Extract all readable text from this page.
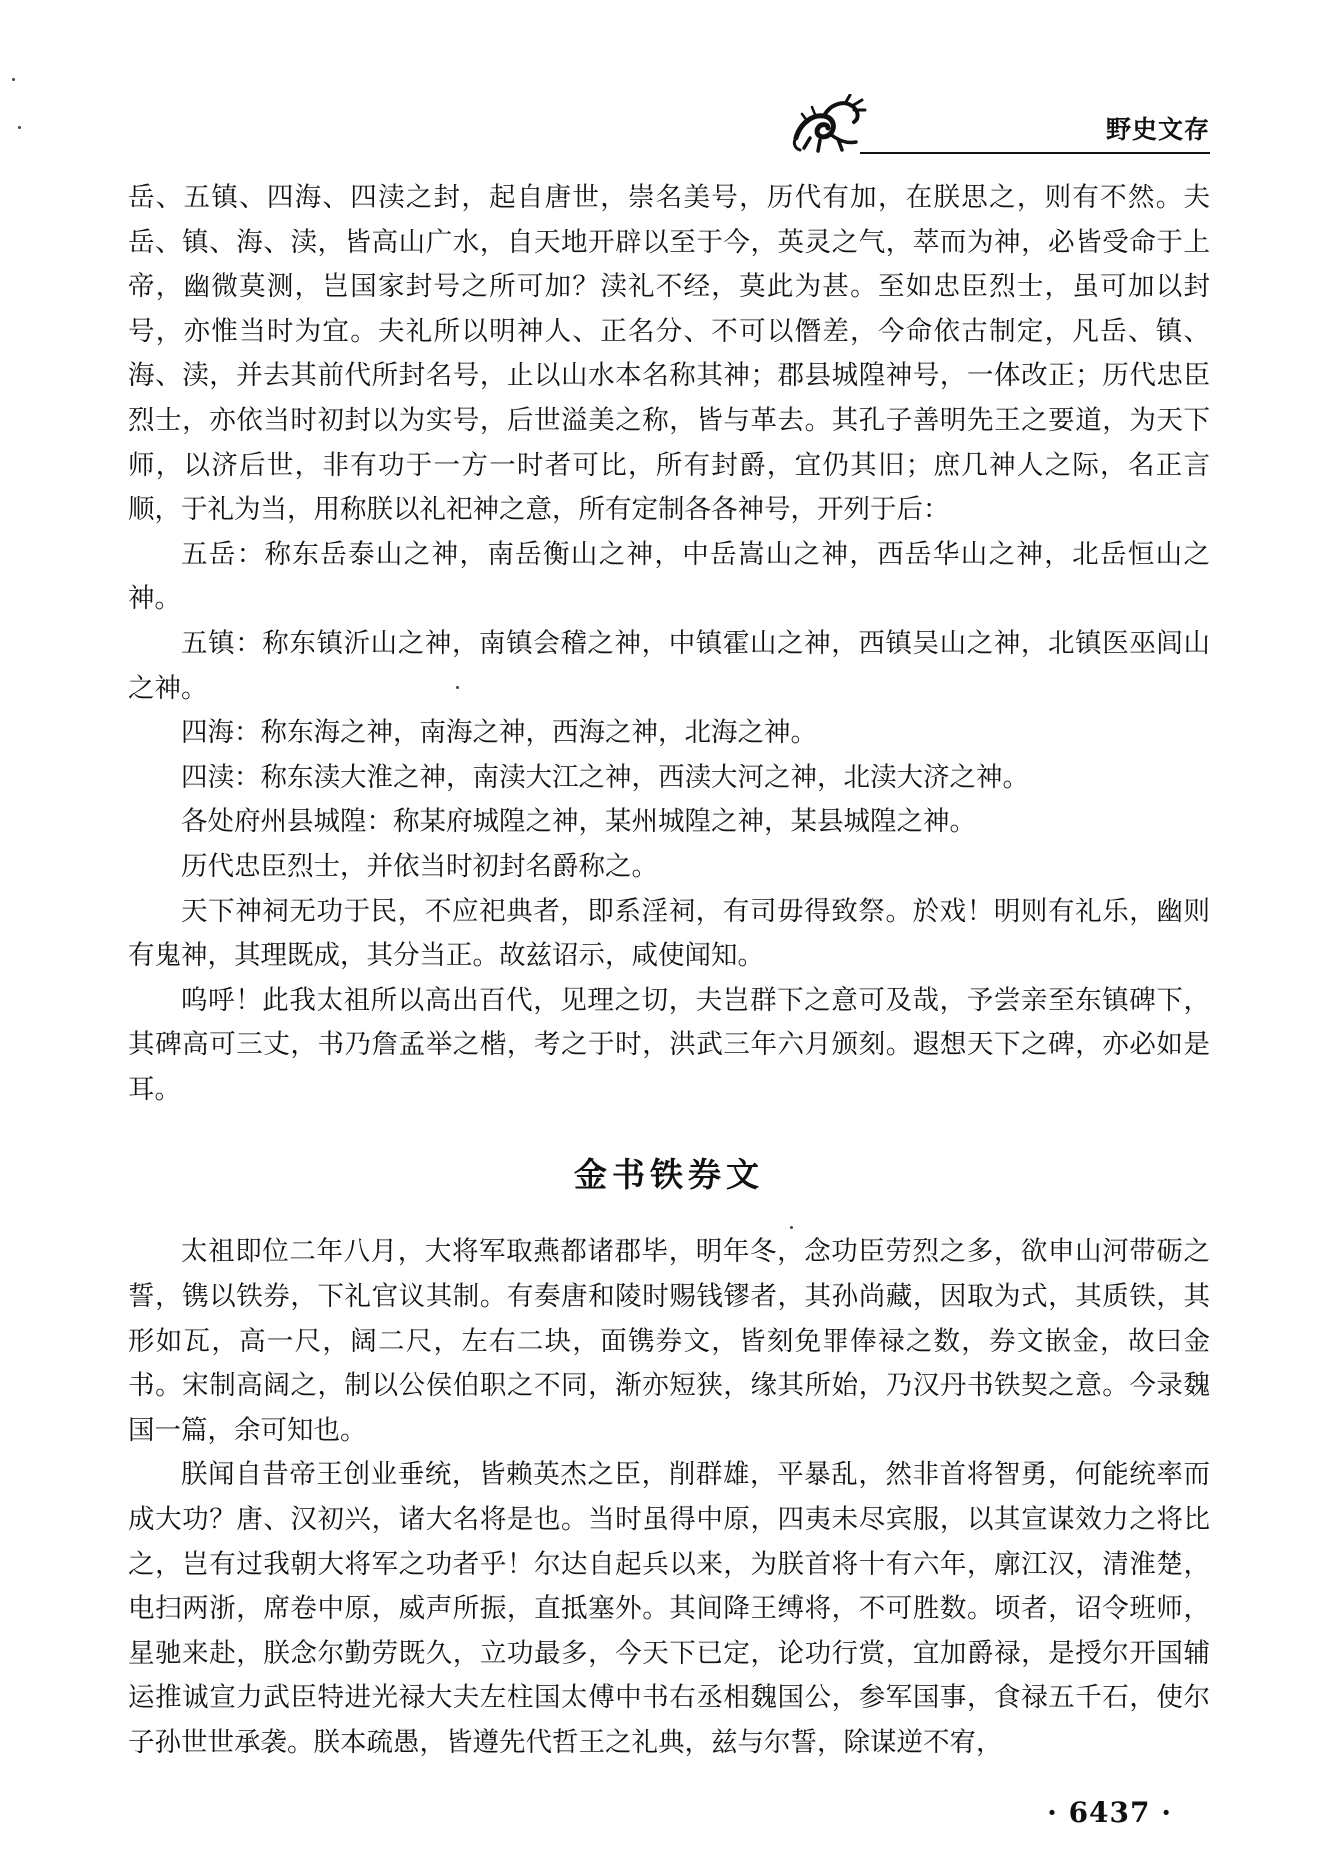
野史文存

岳、五镇、四海、四渎之封，起自唐世，崇名美号，历代有加，在朕思之，则有不然。夫岳、镇、海、渎，皆高山广水，自天地开辟以至于今，英灵之气，萃而为神，必皆受命于上帝，幽微莫测，岂国家封号之所可加？渎礼不经，莫此为甚。至如忠臣烈士，虽可加以封号，亦惟当时为宜。夫礼所以明神人、正名分、不可以僭差，今命依古制定，凡岳、镇、海、渎，并去其前代所封名号，止以山水本名称其神；郡县城隍神号，一体改正；历代忠臣烈士，亦依当时初封以为实号，后世溢美之称，皆与革去。其孔子善明先王之要道，为天下师，以济后世，非有功于一方一时者可比，所有封爵，宜仍其旧；庶几神人之际，名正言顺，于礼为当，用称朕以礼祀神之意，所有定制各各神号，开列于后：

五岳：称东岳泰山之神，南岳衡山之神，中岳嵩山之神，西岳华山之神，北岳恒山之神。

五镇：称东镇沂山之神，南镇会稽之神，中镇霍山之神，西镇吴山之神，北镇医巫闾山之神。

四海：称东海之神，南海之神，西海之神，北海之神。

四渎：称东渎大淮之神，南渎大江之神，西渎大河之神，北渎大济之神。

各处府州县城隍：称某府城隍之神，某州城隍之神，某县城隍之神。

历代忠臣烈士，并依当时初封名爵称之。

天下神祠无功于民，不应祀典者，即系淫祠，有司毋得致祭。於戏！明则有礼乐，幽则有鬼神，其理既成，其分当正。故兹诏示，咸使闻知。

呜呼！此我太祖所以高出百代，见理之切，夫岂群下之意可及哉，予尝亲至东镇碑下，其碑高可三丈，书乃詹孟举之楷，考之于时，洪武三年六月颁刻。遐想天下之碑，亦必如是耳。

金书铁券文

太祖即位二年八月，大将军取燕都诸郡毕，明年冬，念功臣劳烈之多，欲申山河带砺之誓，镌以铁券，下礼官议其制。有奏唐和陵时赐钱镠者，其孙尚藏，因取为式，其质铁，其形如瓦，高一尺，阔二尺，左右二块，面镌券文，皆刻免罪俸禄之数，券文嵌金，故曰金书。宋制高阔之，制以公侯伯职之不同，渐亦短狭，缘其所始，乃汉丹书铁契之意。今录魏国一篇，余可知也。

朕闻自昔帝王创业垂统，皆赖英杰之臣，削群雄，平暴乱，然非首将智勇，何能统率而成大功？唐、汉初兴，诸大名将是也。当时虽得中原，四夷未尽宾服，以其宣谋效力之将比之，岂有过我朝大将军之功者乎！尔达自起兵以来，为朕首将十有六年，廓江汉，清淮楚，电扫两浙，席卷中原，威声所振，直抵塞外。其间降王缚将，不可胜数。顷者，诏令班师，星驰来赴，朕念尔勤劳既久，立功最多，今天下已定，论功行赏，宜加爵禄，是授尔开国辅运推诚宣力武臣特进光禄大夫左柱国太傅中书右丞相魏国公，参军国事，食禄五千石，使尔子孙世世承袭。朕本疏愚，皆遵先代哲王之礼典，兹与尔誓，除谋逆不宥，

· 6437 ·
